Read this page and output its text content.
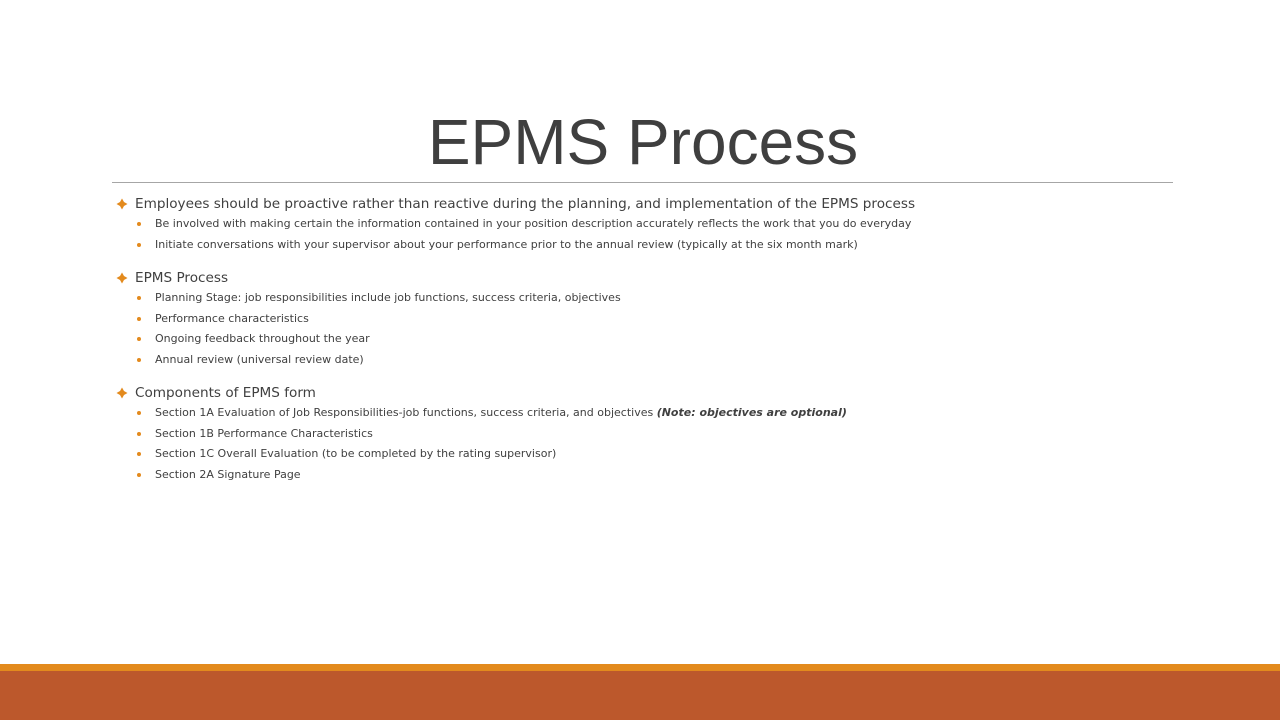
EPMS Process
Employees should be proactive rather than reactive during the planning, and implementation of the EPMS process
Be involved with making certain the information contained in your position description accurately reflects the work that you do everyday
Initiate conversations with your supervisor about your performance prior to the annual review (typically at the six month mark)
EPMS Process
Planning Stage: job responsibilities include job functions, success criteria, objectives
Performance characteristics
Ongoing feedback throughout the year
Annual review (universal review date)
Components of EPMS form
Section 1A Evaluation of Job Responsibilities-job functions, success criteria, and objectives (Note: objectives are optional)
Section 1B Performance Characteristics
Section 1C Overall Evaluation (to be completed by the rating supervisor)
Section 2A Signature Page
